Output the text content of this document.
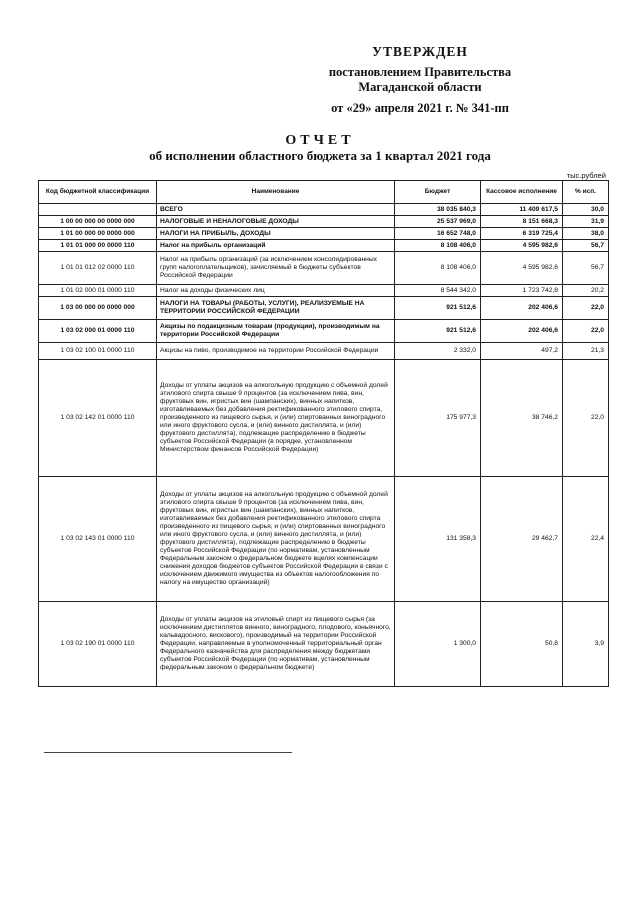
УТВЕРЖДЕН
постановлением Правительства
Магаданской области
от «29» апреля 2021 г. № 341-пп
ОТЧЕТ
об исполнении областного бюджета за 1 квартал 2021 года
тыс.рублей
Код бюджетной классификации	Наименование	Бюджет	Кассовое исполнение	% исп.
	ВСЕГО	38 035 840,3	11 409 617,5	30,0
1 00 00 000 00 0000 000	НАЛОГОВЫЕ И НЕНАЛОГОВЫЕ ДОХОДЫ	25 537 969,0	8 151 668,3	31,9
1 01 00 000 00 0000 000	НАЛОГИ НА ПРИБЫЛЬ, ДОХОДЫ	16 652 748,0	6 319 725,4	38,0
1 01 01 000 00 0000 110	Налог на прибыль организаций	8 108 406,0	4 595 982,6	56,7
1 01 01 012 02 0000 110	Налог на прибыль организаций (за исключением консолидированных групп налогоплательщиков), зачисляемый в бюджеты субъектов Российской Федерации	8 108 406,0	4 595 982,6	56,7
1 01 02 000 01 0000 110	Налог на доходы физических лиц	8 544 342,0	1 723 742,8	20,2
1 03 00 000 00 0000 000	НАЛОГИ НА ТОВАРЫ (РАБОТЫ, УСЛУГИ), РЕАЛИЗУЕМЫЕ НА ТЕРРИТОРИИ РОССИЙСКОЙ ФЕДЕРАЦИИ	921 512,6	202 406,6	22,0
1 03 02 000 01 0000 110	Акцизы по подакцизным товарам (продукции), производимым на территории Российской Федерации	921 512,6	202 406,6	22,0
1 03 02 100 01 0000 110	Акцизы на пиво, производимое на территории Российской Федерации	2 332,0	497,2	21,3
1 03 02 142 01 0000 110	Доходы от уплаты акцизов на алкогольную продукцию с объемной долей этилового спирта свыше 9 процентов (за исключением пива, вин, фруктовых вин, игристых вин (шампанских), винных напитков, изготавливаемых без добавления ректификованного этилового спирта, произведенного из пищевого сырья, и (или) спиртованных виноградного или иного фруктового сусла, и (или) винного дистиллята, и (или) фруктового дистиллята), подлежащие распределению в бюджеты субъектов Российской Федерации (в порядке, установленном Министерством финансов Российской Федерации)	175 977,3	38 746,2	22,0
1 03 02 143 01 0000 110	Доходы от уплаты акцизов на алкогольную продукцию с объемной долей этилового спирта свыше 9 процентов (за исключением пива, вин, фруктовых вин, игристых вин (шампанских), винных напитков, изготавливаемых без добавления ректификованного этилового спирта произведенного из пищевого сырья, и (или) спиртованных виноградного или иного фруктового сусла, и (или) винного дистиллята, и (или) фруктового дистиллята), подлежащие распределению в бюджеты субъектов Российской Федерации (по нормативам, установленным Федеральным законом о федеральном бюджете вцелях компенсации снижения доходов бюджетов субъектов Российской Федерации в связи с исключением движимого имущества из объектов налогообложения по налогу на имущество организаций)	131 358,3	29 462,7	22,4
1 03 02 190 01 0000 110	Доходы от уплаты акцизов на этиловый спирт из пищевого сырья (за исключением дистиллятов винного, виноградного, плодового, коньячного, кальвадосного, вискового), производимый на территории Российской Федерации, направляемые в уполномоченный территориальный орган Федерального казначейства для распределения между бюджетами субъектов Российской Федерации (по нормативам, установленным федеральным законом о федеральном бюджете)	1 300,0	50,8	3,9
